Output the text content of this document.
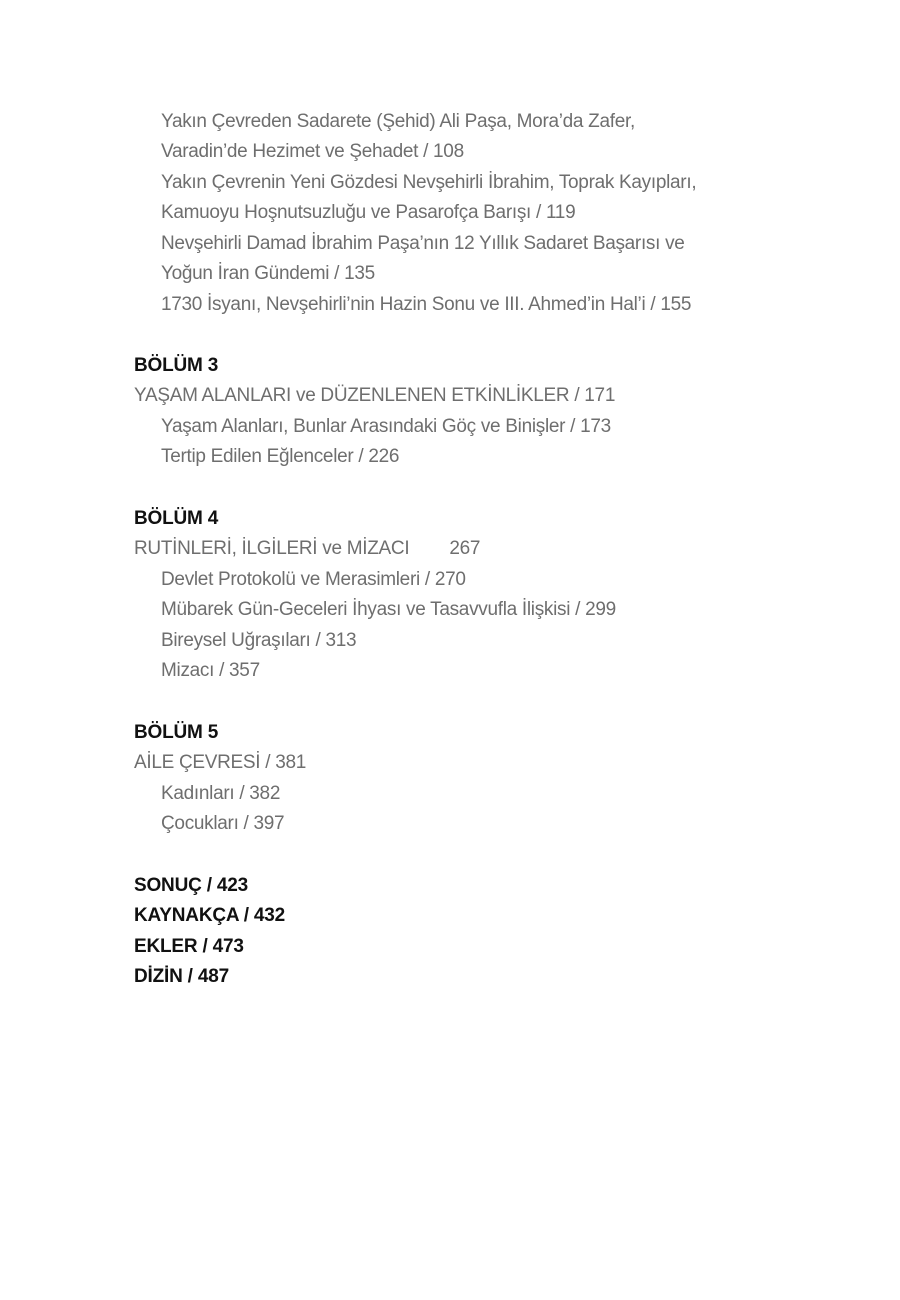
Yakın Çevreden Sadarete (Şehid) Ali Paşa, Mora’da Zafer,
Varadin’de Hezimet ve Şehadet / 108
Yakın Çevrenin Yeni Gözdesi Nevşehirli İbrahim, Toprak Kayıpları,
Kamuoyu Hoşnutsuzluğu ve Pasarofça Barışı / 119
Nevşehirli Damad İbrahim Paşa’nın 12 Yıllık Sadaret Başarısı ve
Yoğun İran Gündemi / 135
1730 İsyanı, Nevşehirli’nin Hazin Sonu ve III. Ahmed’in Hal’i / 155
BÖLÜM 3
YAŞAM ALANLARI ve DÜZENLENEN ETKİNLİKLER / 171
Yaşam Alanları, Bunlar Arasındaki Göç ve Binişler / 173
Tertip Edilen Eğlenceler / 226
BÖLÜM 4
RUTİNLERİ, İLGİLERİ ve MİZACI 267
Devlet Protokolü ve Merasimleri / 270
Mübarek Gün-Geceleri İhyası ve Tasavvufla İlişkisi / 299
Bireysel Uğraşıları / 313
Mizacı / 357
BÖLÜM 5
AİLE ÇEVRESİ / 381
Kadınları / 382
Çocukları / 397
SONUÇ / 423
KAYNAKÇA / 432
EKLER / 473
DİZİN / 487
